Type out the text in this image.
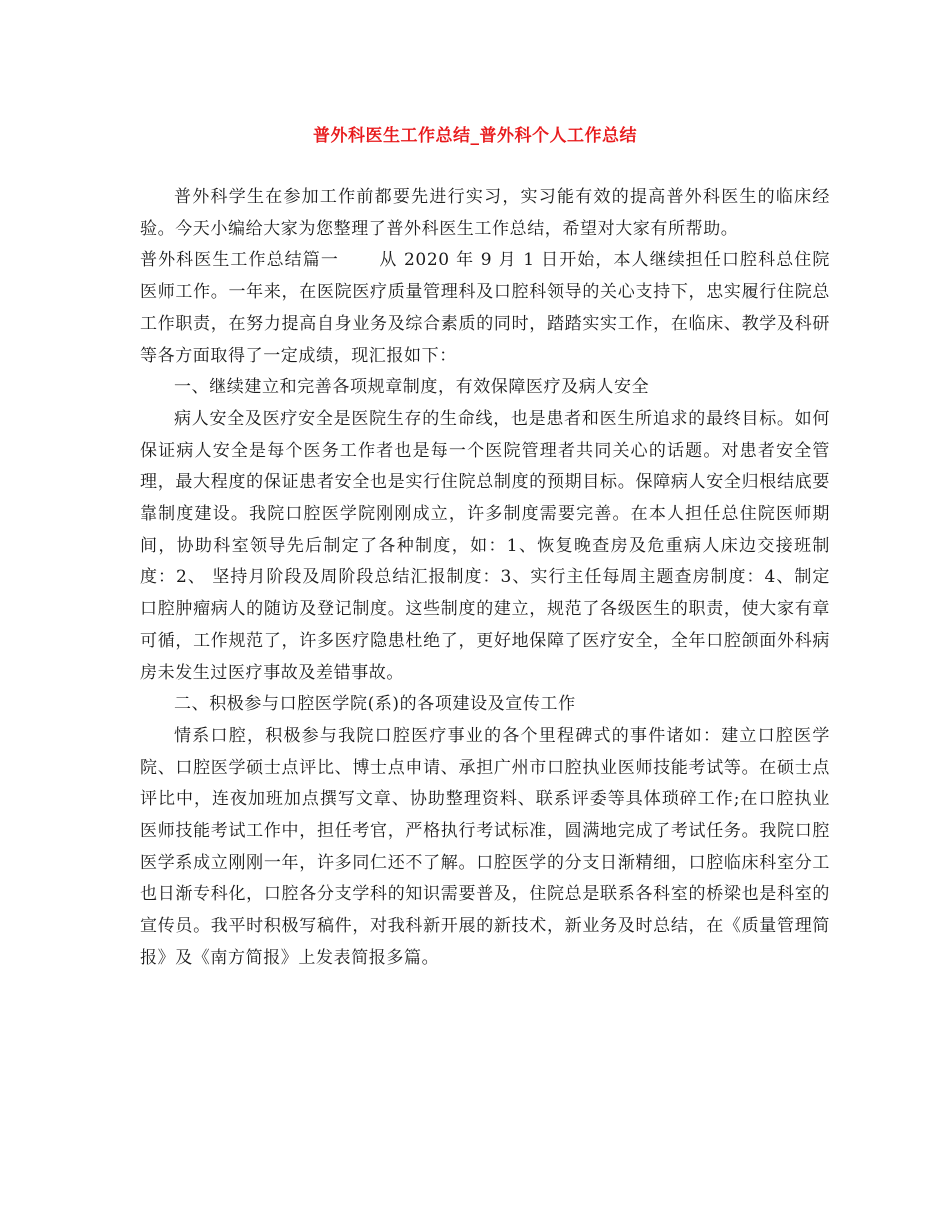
普外科医生工作总结_普外科个人工作总结

普外科学生在参加工作前都要先进行实习，实习能有效的提高普外科医生的临床经验。今天小编给大家为您整理了普外科医生工作总结，希望对大家有所帮助。

普外科医生工作总结篇一 从 2020 年 9 月 1 日开始，本人继续担任口腔科总住院医师工作。一年来，在医院医疗质量管理科及口腔科领导的关心支持下，忠实履行住院总工作职责，在努力提高自身业务及综合素质的同时，踏踏实实工作，在临床、教学及科研等各方面取得了一定成绩，现汇报如下：

一、继续建立和完善各项规章制度，有效保障医疗及病人安全

病人安全及医疗安全是医院生存的生命线，也是患者和医生所追求的最终目标。如何保证病人安全是每个医务工作者也是每一个医院管理者共同关心的话题。对患者安全管理，最大程度的保证患者安全也是实行住院总制度的预期目标。保障病人安全归根结底要靠制度建设。我院口腔医学院刚刚成立，许多制度需要完善。在本人担任总住院医师期间，协助科室领导先后制定了各种制度，如：1、恢复晚查房及危重病人床边交接班制度：2、 坚持月阶段及周阶段总结汇报制度：3、实行主任每周主题查房制度：4、制定口腔肿瘤病人的随访及登记制度。这些制度的建立，规范了各级医生的职责，使大家有章可循，工作规范了，许多医疗隐患杜绝了，更好地保障了医疗安全，全年口腔颌面外科病房未发生过医疗事故及差错事故。

二、积极参与口腔医学院(系)的各项建设及宣传工作

情系口腔，积极参与我院口腔医疗事业的各个里程碑式的事件诸如：建立口腔医学院、口腔医学硕士点评比、博士点申请、承担广州市口腔执业医师技能考试等。在硕士点评比中，连夜加班加点撰写文章、协助整理资料、联系评委等具体琐碎工作;在口腔执业医师技能考试工作中，担任考官，严格执行考试标准，圆满地完成了考试任务。我院口腔医学系成立刚刚一年，许多同仁还不了解。口腔医学的分支日渐精细，口腔临床科室分工也日渐专科化，口腔各分支学科的知识需要普及，住院总是联系各科室的桥梁也是科室的宣传员。我平时积极写稿件，对我科新开展的新技术，新业务及时总结，在《质量管理简报》及《南方简报》上发表简报多篇。
